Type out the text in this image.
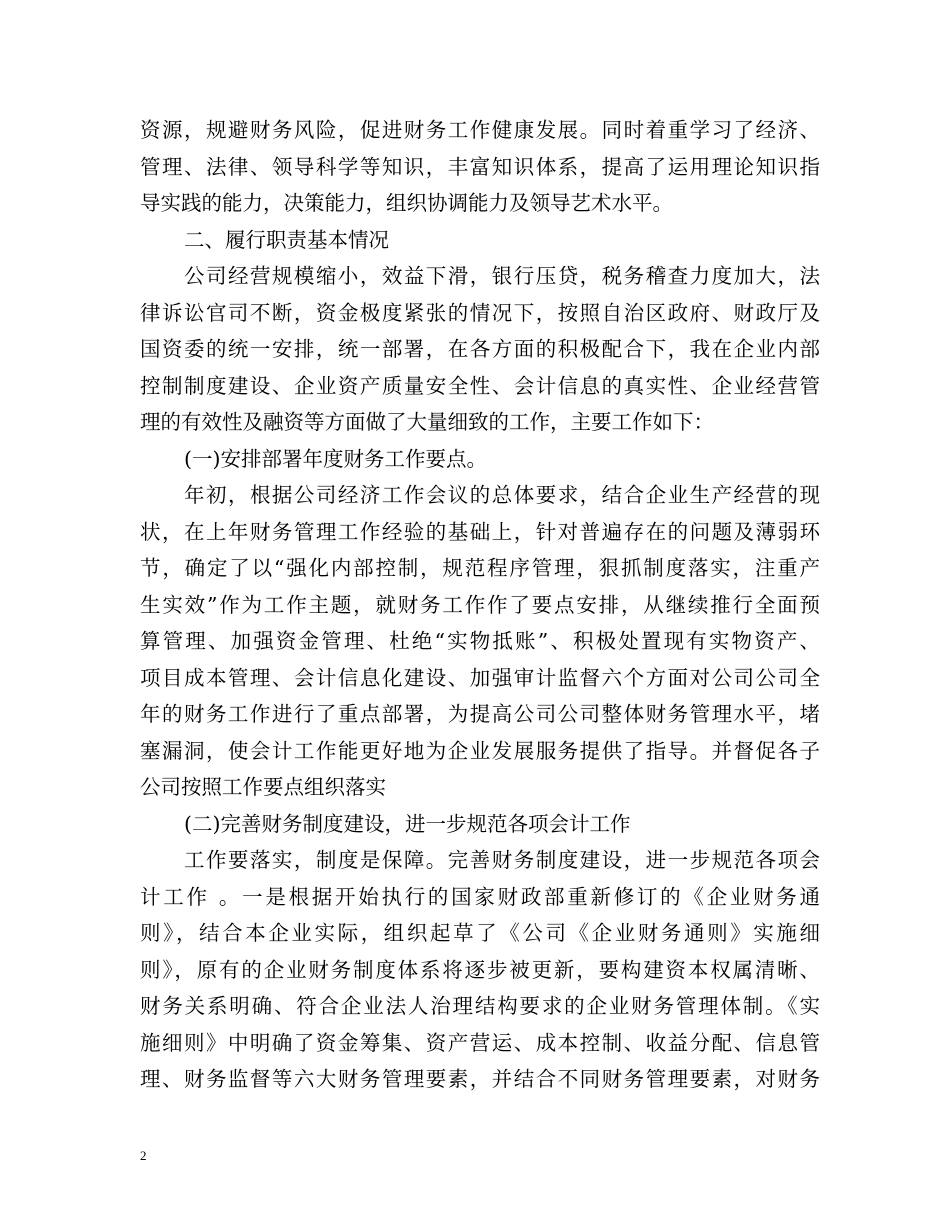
资源，规避财务风险，促进财务工作健康发展。同时着重学习了经济、
管理、法律、领导科学等知识，丰富知识体系，提高了运用理论知识指
导实践的能力，决策能力，组织协调能力及领导艺术水平。
二、履行职责基本情况
公司经营规模缩小，效益下滑，银行压贷，税务稽查力度加大，法
律诉讼官司不断，资金极度紧张的情况下，按照自治区政府、财政厅及
国资委的统一安排，统一部署，在各方面的积极配合下，我在企业内部
控制制度建设、企业资产质量安全性、会计信息的真实性、企业经营管
理的有效性及融资等方面做了大量细致的工作，主要工作如下：
(一)安排部署年度财务工作要点。
年初，根据公司经济工作会议的总体要求，结合企业生产经营的现
状，在上年财务管理工作经验的基础上，针对普遍存在的问题及薄弱环
节，确定了以“强化内部控制，规范程序管理，狠抓制度落实，注重产
生实效”作为工作主题，就财务工作作了要点安排，从继续推行全面预
算管理、加强资金管理、杜绝“实物抵账”、积极处置现有实物资产、
项目成本管理、会计信息化建设、加强审计监督六个方面对公司公司全
年的财务工作进行了重点部署，为提高公司公司整体财务管理水平，堵
塞漏洞，使会计工作能更好地为企业发展服务提供了指导。并督促各子
公司按照工作要点组织落实
(二)完善财务制度建设，进一步规范各项会计工作
工作要落实，制度是保障。完善财务制度建设，进一步规范各项会
计工作 。一是根据开始执行的国家财政部重新修订的《企业财务通
则》，结合本企业实际，组织起草了《公司《企业财务通则》实施细
则》，原有的企业财务制度体系将逐步被更新，要构建资本权属清晰、
财务关系明确、符合企业法人治理结构要求的企业财务管理体制。《实
施细则》中明确了资金筹集、资产营运、成本控制、收益分配、信息管
理、财务监督等六大财务管理要素，并结合不同财务管理要素，对财务
2
